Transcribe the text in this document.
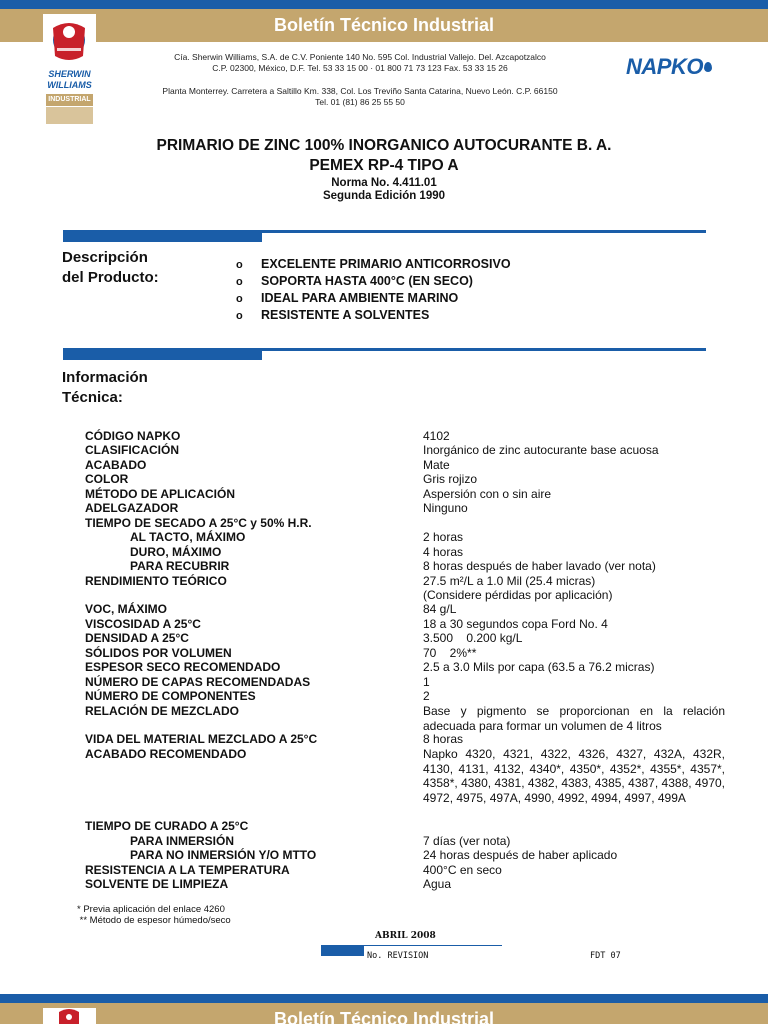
Boletín Técnico Industrial
SHERWIN
WILLIAMS
INDUSTRIAL
Cía. Sherwin Williams, S.A. de C.V. Poniente 140 No. 595 Col. Industrial Vallejo. Del. Azcapotzalco
C.P. 02300, México, D.F. Tel. 53 33 15 00 · 01 800 71 73 123 Fax. 53 33 15 26
Planta Monterrey. Carretera a Saltillo Km. 338, Col. Los Treviño Santa Catarina, Nuevo León. C.P. 66150
Tel. 01 (81) 86 25 55 50
NAPKO
PRIMARIO DE ZINC 100% INORGANICO AUTOCURANTE B. A.
PEMEX RP-4 TIPO A
Norma No. 4.411.01
Segunda Edición 1990
Descripción
del Producto:
o EXCELENTE PRIMARIO ANTICORROSIVO
o SOPORTA HASTA 400°C (EN SECO)
o IDEAL PARA AMBIENTE MARINO
o RESISTENTE A SOLVENTES
Información
Técnica:
CÓDIGO NAPKO	4102
CLASIFICACIÓN	Inorgánico de zinc autocurante base acuosa
ACABADO	Mate
COLOR	Gris rojizo
MÉTODO DE APLICACIÓN	Aspersión con o sin aire
ADELGAZADOR	Ninguno
TIEMPO DE SECADO A 25°C y 50% H.R.
AL TACTO, MÁXIMO	2 horas
DURO, MÁXIMO	4 horas
PARA RECUBRIR	8 horas después de haber lavado (ver nota)
RENDIMIENTO TEÓRICO	27.5 m²/L a 1.0 Mil (25.4 micras)
(Considere pérdidas por aplicación)
VOC, MÁXIMO	84 g/L
VISCOSIDAD A 25°C	18 a 30 segundos copa Ford No. 4
DENSIDAD A 25°C	3.500    0.200 kg/L
SÓLIDOS POR VOLUMEN	70    2%**
ESPESOR SECO RECOMENDADO	2.5 a 3.0 Mils por capa (63.5 a 76.2 micras)
NÚMERO DE CAPAS RECOMENDADAS	1
NÚMERO DE COMPONENTES	2
RELACIÓN DE MEZCLADO	Base y pigmento se proporcionan en la relación adecuada para formar un volumen de 4 litros
VIDA DEL MATERIAL MEZCLADO A 25°C	8 horas
ACABADO RECOMENDADO	Napko 4320, 4321, 4322, 4326, 4327, 432A, 432R, 4130, 4131, 4132, 4340*, 4350*, 4352*, 4355*, 4357*, 4358*, 4380, 4381, 4382, 4383, 4385, 4387, 4388, 4970, 4972, 4975, 497A, 4990, 4992, 4994, 4997, 499A
TIEMPO DE CURADO A 25°C
PARA INMERSIÓN	7 días (ver nota)
PARA NO INMERSIÓN Y/O MTTO	24 horas después de haber aplicado
RESISTENCIA A LA TEMPERATURA	400°C en seco
SOLVENTE DE LIMPIEZA	Agua
* Previa aplicación del enlace 4260
** Método de espesor húmedo/seco
ABRIL 2008
No. REVISION	FDT 07
Boletín Técnico Industrial
